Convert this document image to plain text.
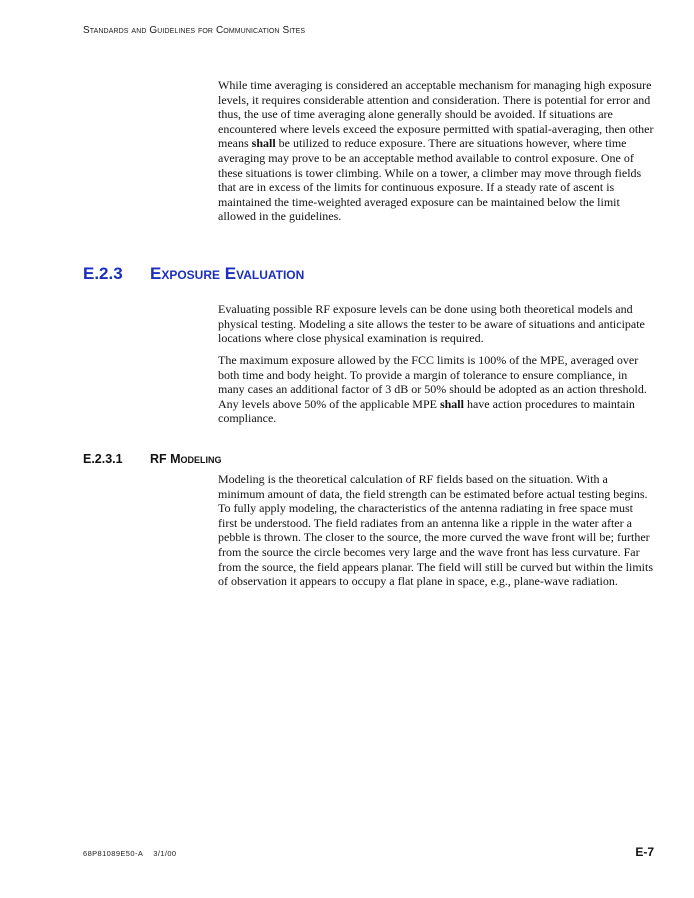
Standards and Guidelines for Communication Sites

While time averaging is considered an acceptable mechanism for managing high exposure levels, it requires considerable attention and consideration. There is potential for error and thus, the use of time averaging alone generally should be avoided. If situations are encountered where levels exceed the exposure permitted with spatial-averaging, then other means shall be utilized to reduce exposure. There are situations however, where time averaging may prove to be an acceptable method available to control exposure. One of these situations is tower climbing. While on a tower, a climber may move through fields that are in excess of the limits for continuous exposure. If a steady rate of ascent is maintained the time-weighted averaged exposure can be maintained below the limit allowed in the guidelines.

E.2.3 Exposure Evaluation

Evaluating possible RF exposure levels can be done using both theoretical models and physical testing. Modeling a site allows the tester to be aware of situations and anticipate locations where close physical examination is required.

The maximum exposure allowed by the FCC limits is 100% of the MPE, averaged over both time and body height. To provide a margin of tolerance to ensure compliance, in many cases an additional factor of 3 dB or 50% should be adopted as an action threshold. Any levels above 50% of the applicable MPE shall have action procedures to maintain compliance.

E.2.3.1 RF Modeling

Modeling is the theoretical calculation of RF fields based on the situation. With a minimum amount of data, the field strength can be estimated before actual testing begins. To fully apply modeling, the characteristics of the antenna radiating in free space must first be understood. The field radiates from an antenna like a ripple in the water after a pebble is thrown. The closer to the source, the more curved the wave front will be; further from the source the circle becomes very large and the wave front has less curvature. Far from the source, the field appears planar. The field will still be curved but within the limits of observation it appears to occupy a flat plane in space, e.g., plane-wave radiation.

68P81089E50-A 3/1/00	E-7
